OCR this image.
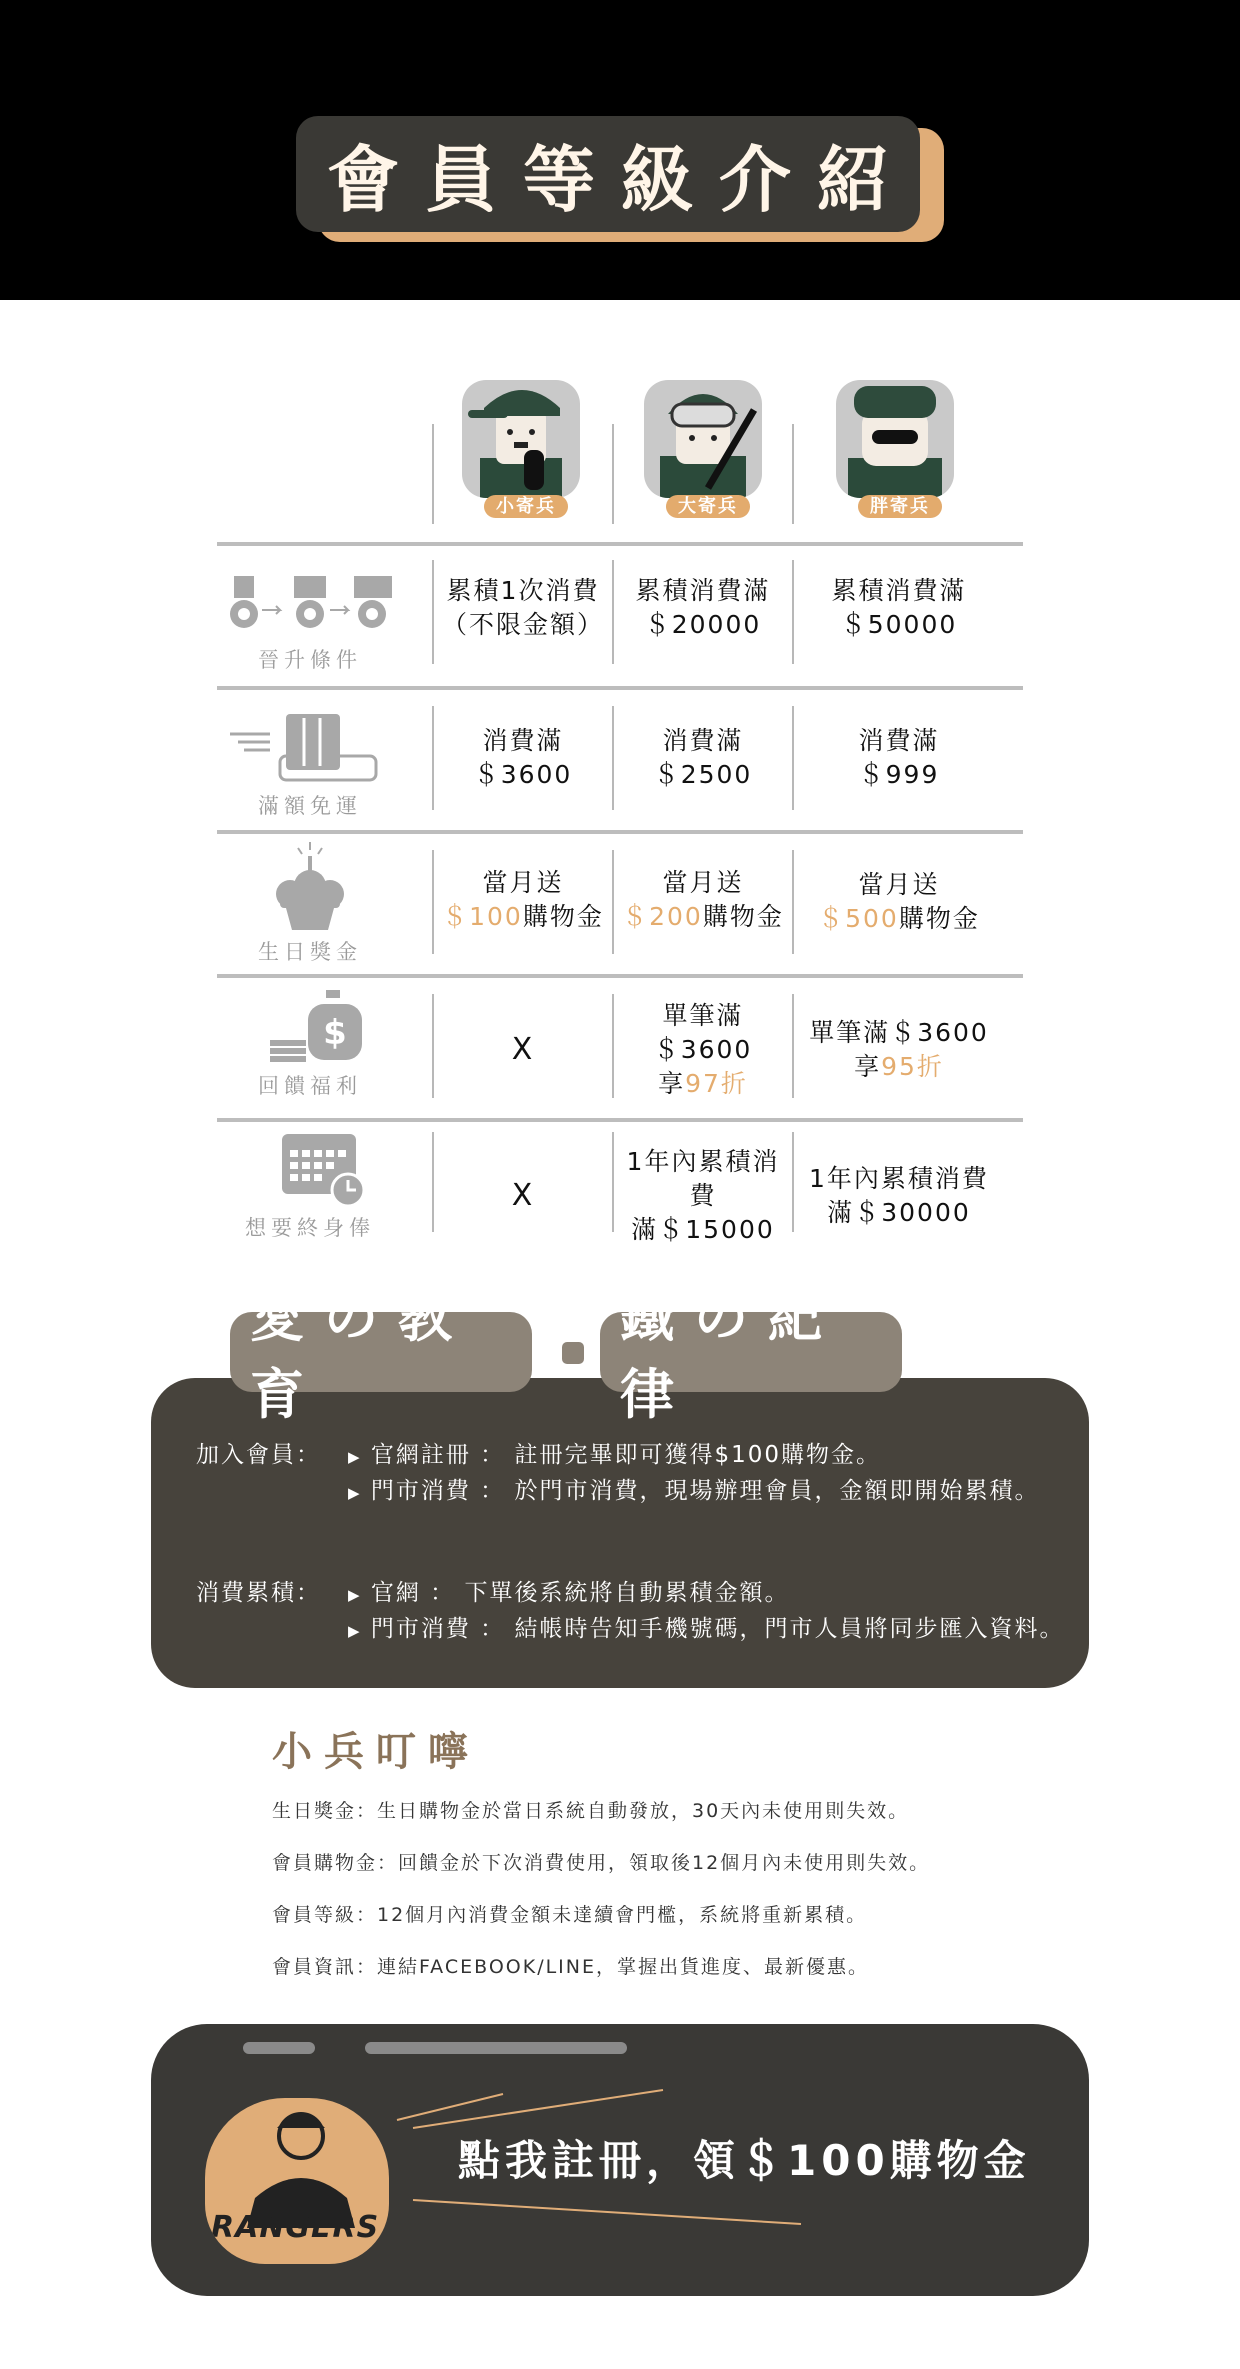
會員等級介紹
小寄兵	大寄兵	胖寄兵
晉升條件
累積1次消費
（不限金額）
累積消費滿
＄20000
累積消費滿
＄50000
滿額免運
消費滿
＄3600
消費滿
＄2500
消費滿
＄999
生日獎金
當月送
＄100購物金
當月送
＄200購物金
當月送
＄500購物金
$
回饋福利
X
單筆滿＄3600
享97折
單筆滿＄3600
享95折
想要終身俸
X
1年內累積消費
滿＄15000
1年內累積消費
滿＄30000
愛の教育
鐵の紀律
加入會員： ▶ 官網註冊 ： 註冊完畢即可獲得$100購物金。
▶ 門市消費 ： 於門市消費，現場辦理會員，金額即開始累積。
消費累積： ▶ 官網 ： 下單後系統將自動累積金額。
▶ 門市消費 ： 結帳時告知手機號碼，門市人員將同步匯入資料。
小兵叮嚀
生日獎金：生日購物金於當日系統自動發放，30天內未使用則失效。
會員購物金：回饋金於下次消費使用，領取後12個月內未使用則失效。
會員等級：12個月內消費金額未達續會門檻，系統將重新累積。
會員資訊：連結FACEBOOK/LINE，掌握出貨進度、最新優惠。
RANGERS
點我註冊，領＄100購物金
